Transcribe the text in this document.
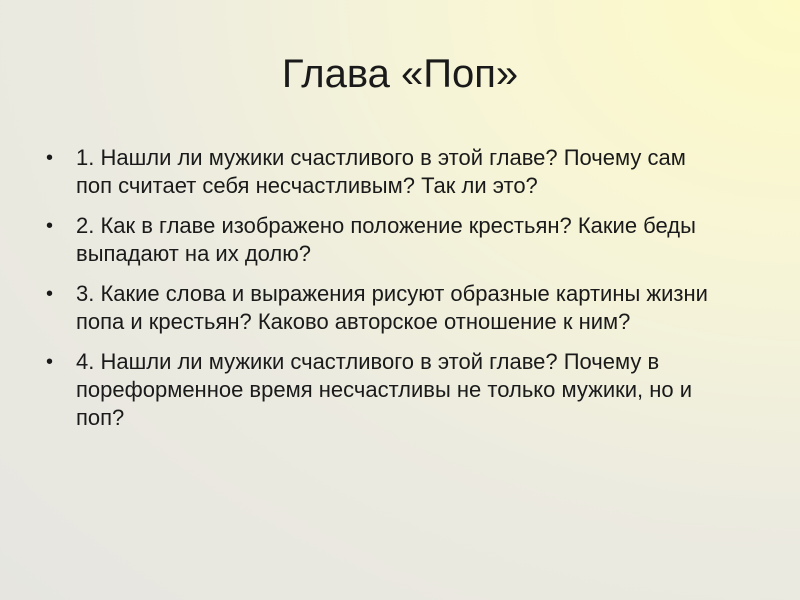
Глава «Поп»
• 1. Нашли ли мужики счастливого в этой главе? Почему сам поп считает себя несчастливым? Так ли это?
• 2. Как в главе изображено положение крестьян? Какие беды выпадают на их долю?
• 3. Какие слова и выражения рисуют образные картины жизни попа и крестьян? Каково авторское отношение к ним?
• 4. Нашли ли мужики счастливого в этой главе? Почему в пореформенное время несчастливы не только мужики, но и поп?
